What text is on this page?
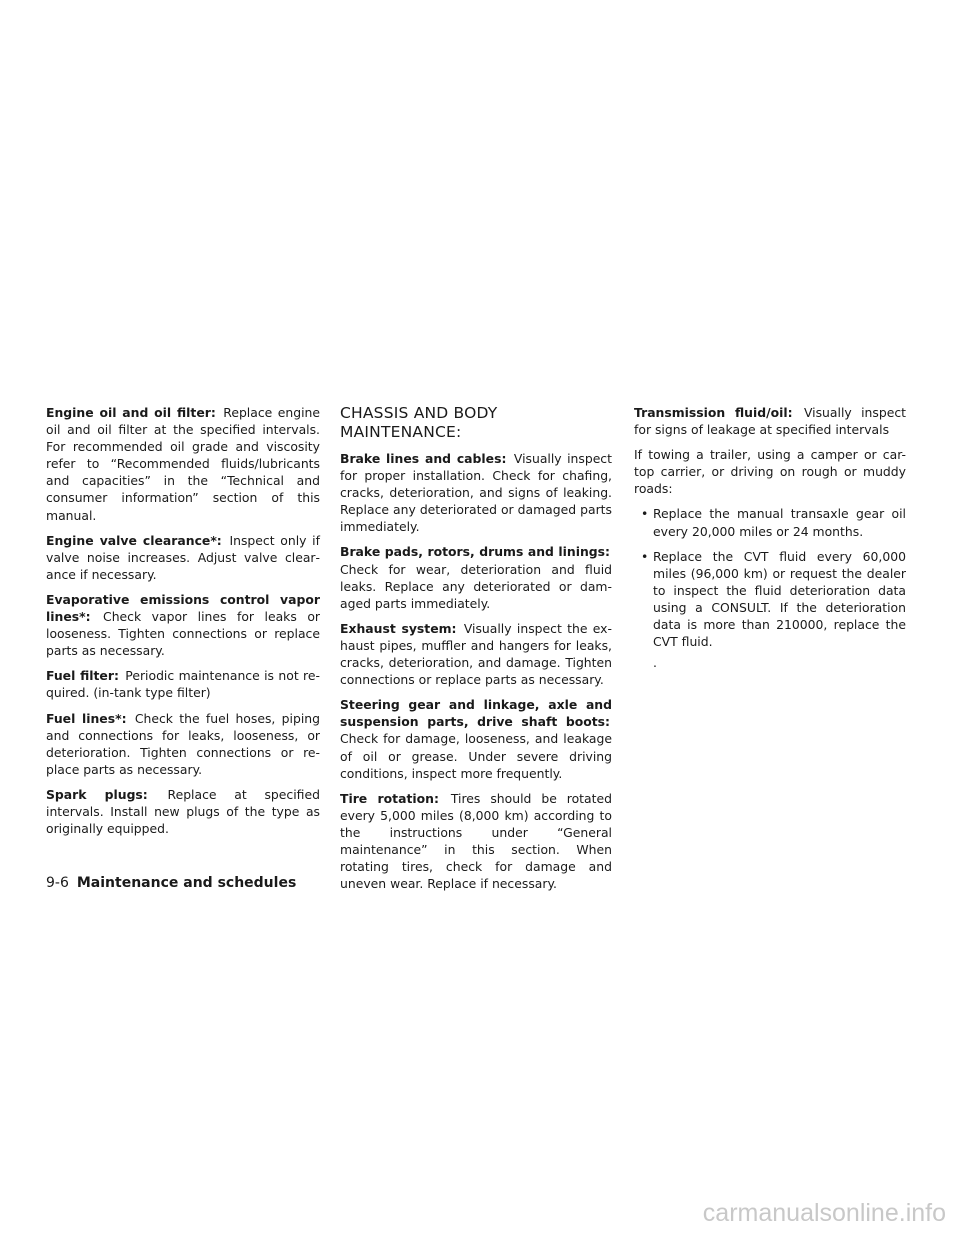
Engine oil and oil filter: Replace engine oil and oil filter at the specified intervals. For recommended oil grade and viscosity refer to “Recommended fluids/lubricants and capacities” in the “Technical and consumer information” section of this manual.

Engine valve clearance*: Inspect only if valve noise increases. Adjust valve clearance if necessary.

Evaporative emissions control vapor lines*: Check vapor lines for leaks or looseness. Tighten connections or replace parts as necessary.

Fuel filter: Periodic maintenance is not required. (in-tank type filter)

Fuel lines*: Check the fuel hoses, piping and connections for leaks, looseness, or deterioration. Tighten connections or replace parts as necessary.

Spark plugs: Replace at specified intervals. Install new plugs of the type as originally equipped.

CHASSIS AND BODY MAINTENANCE:

Brake lines and cables: Visually inspect for proper installation. Check for chafing, cracks, deterioration, and signs of leaking. Replace any deteriorated or damaged parts immediately.

Brake pads, rotors, drums and linings: Check for wear, deterioration and fluid leaks. Replace any deteriorated or damaged parts immediately.

Exhaust system: Visually inspect the exhaust pipes, muffler and hangers for leaks, cracks, deterioration, and damage. Tighten connections or replace parts as necessary.

Steering gear and linkage, axle and suspension parts, drive shaft boots: Check for damage, looseness, and leakage of oil or grease. Under severe driving conditions, inspect more frequently.

Tire rotation: Tires should be rotated every 5,000 miles (8,000 km) according to the instructions under “General maintenance” in this section. When rotating tires, check for damage and uneven wear. Replace if necessary.

Transmission fluid/oil: Visually inspect for signs of leakage at specified intervals

If towing a trailer, using a camper or car-top carrier, or driving on rough or muddy roads:

• Replace the manual transaxle gear oil every 20,000 miles or 24 months.
• Replace the CVT fluid every 60,000 miles (96,000 km) or request the dealer to inspect the fluid deterioration data using a CONSULT. If the deterioration data is more than 210000, replace the CVT fluid.
.
9-6 Maintenance and schedules
carmanualsonline.info
